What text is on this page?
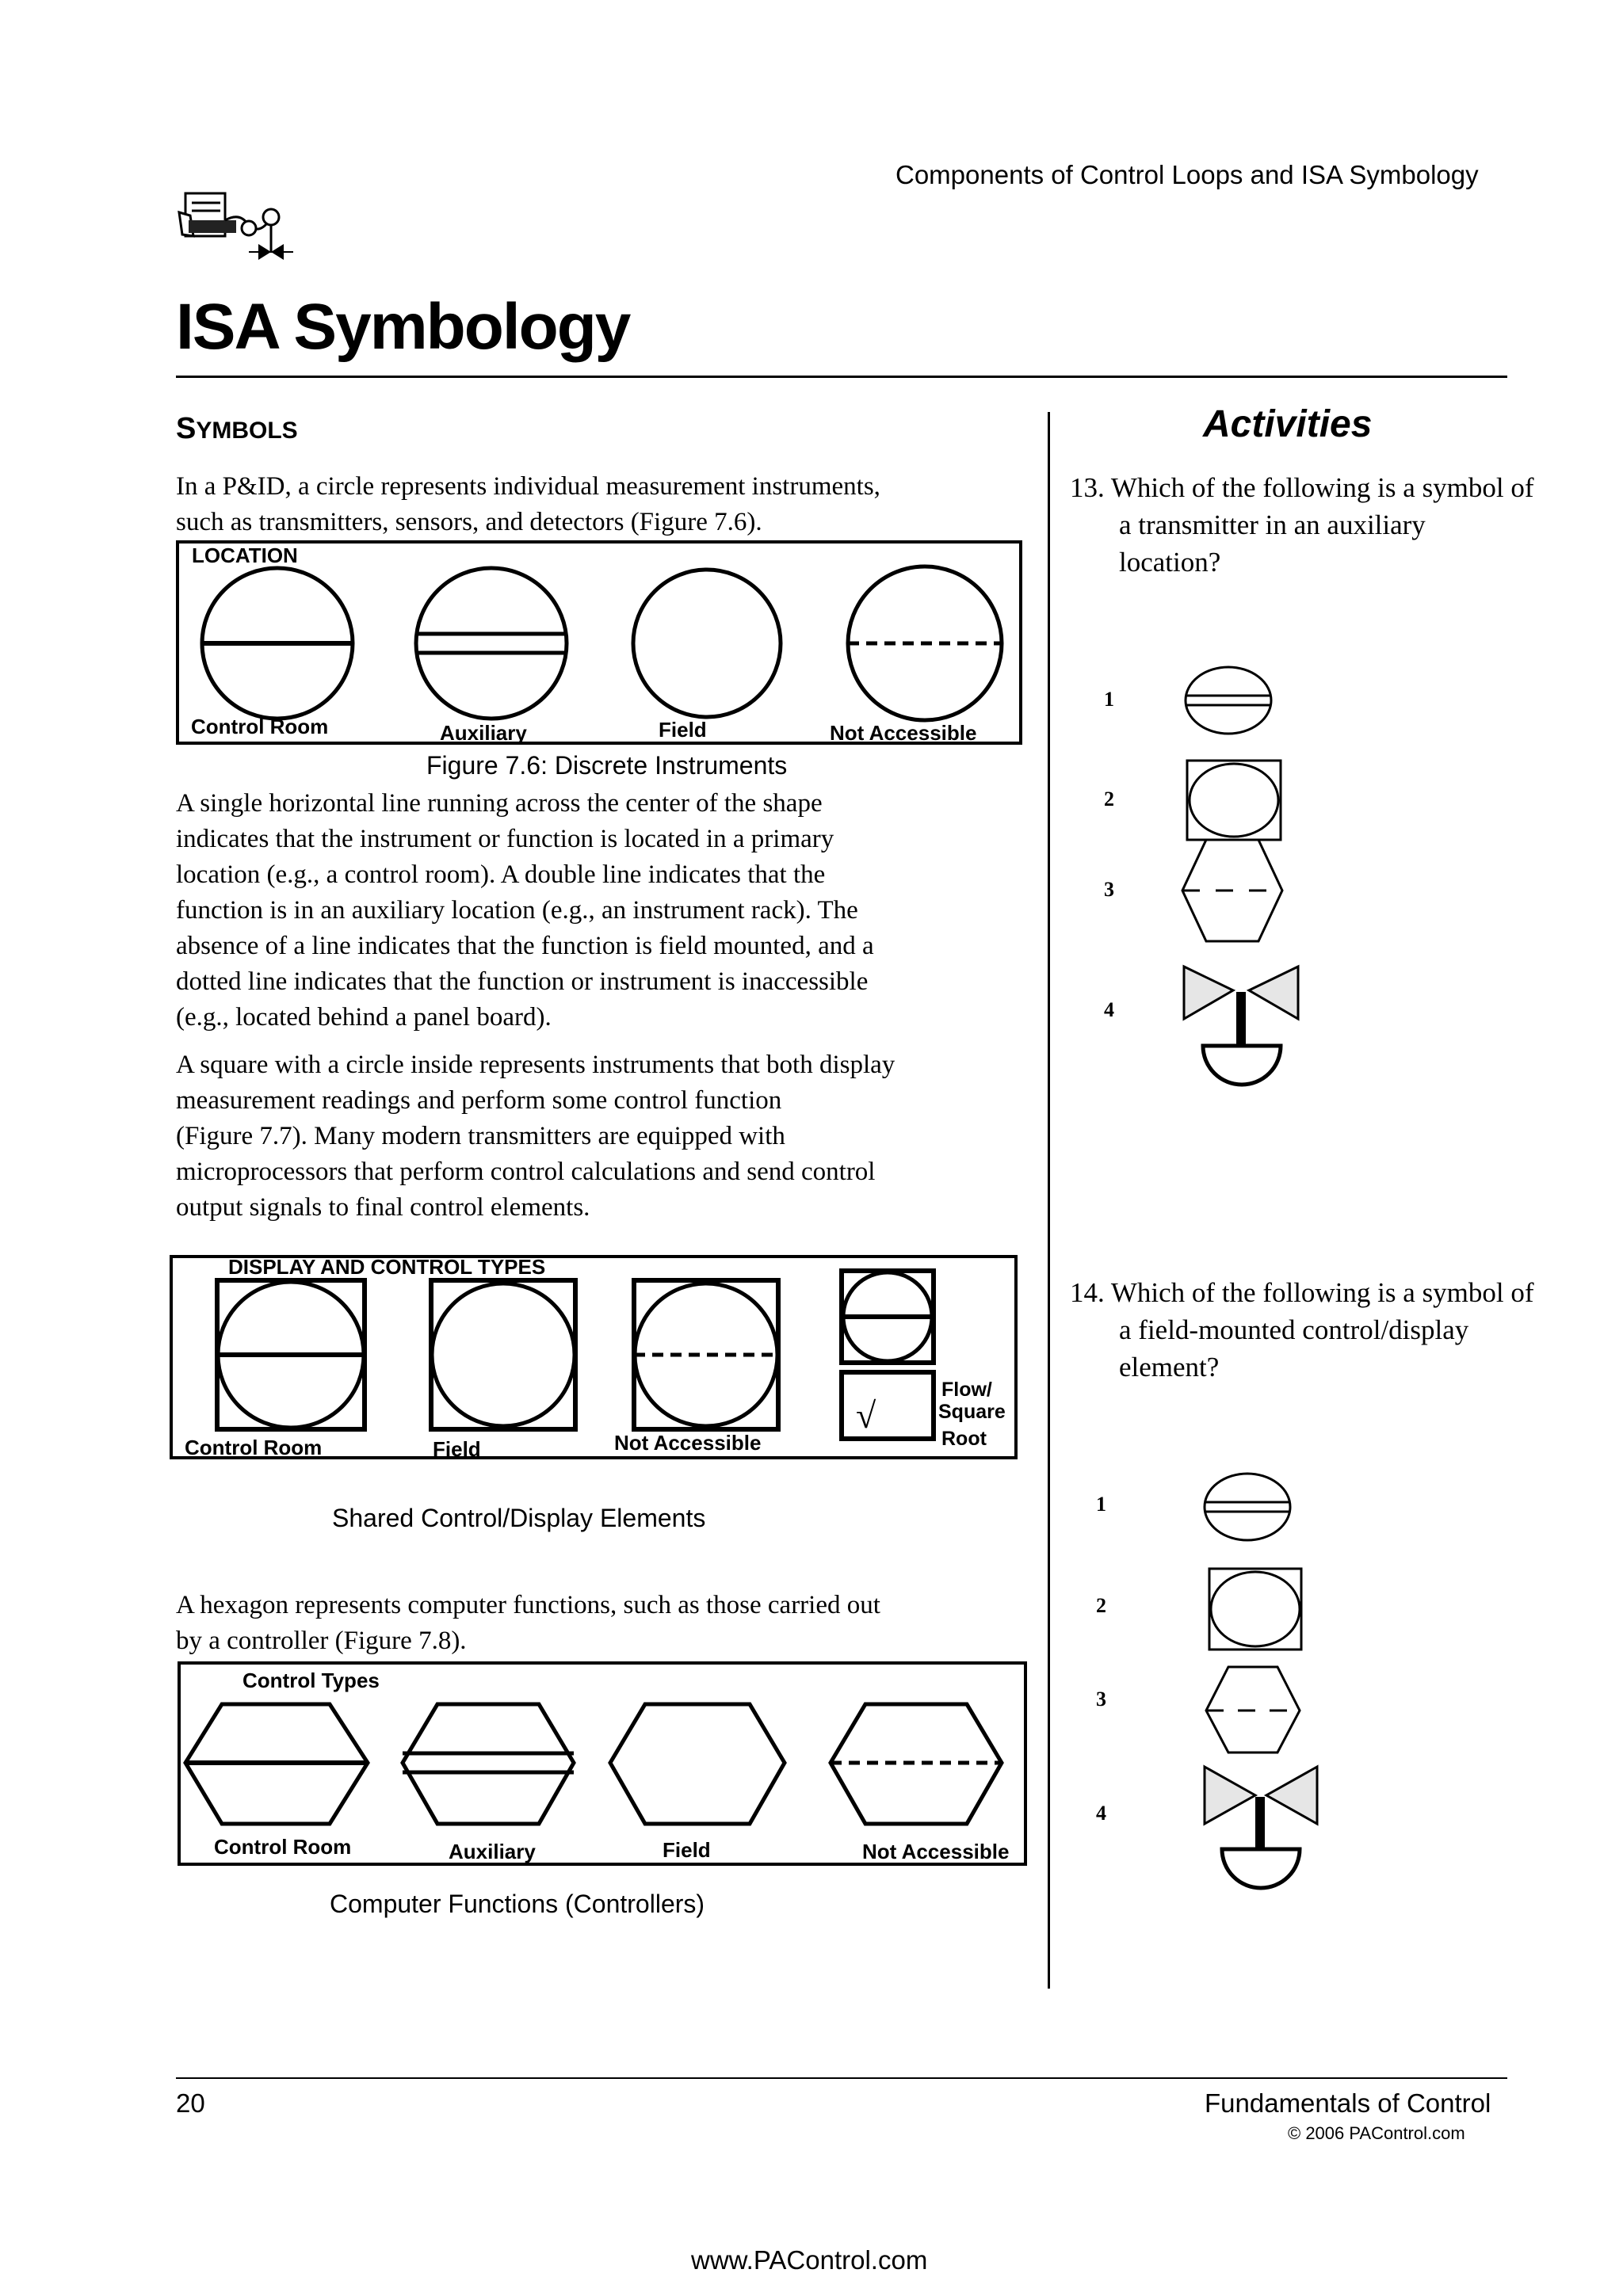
Components of Control Loops and ISA Symbology
ISA Symbology
SYMBOLS
In a P&ID, a circle represents individual measurement instruments,
such as transmitters, sensors, and detectors (Figure 7.6).
LOCATION
Control Room	Auxiliary	Field	Not Accessible
Figure 7.6: Discrete Instruments
A single horizontal line running across the center of the shape
indicates that the instrument or function is located in a primary
location (e.g., a control room). A double line indicates that the
function is in an auxiliary location (e.g., an instrument rack). The
absence of a line indicates that the function is field mounted, and a
dotted line indicates that the function or instrument is inaccessible
(e.g., located behind a panel board).
A square with a circle inside represents instruments that both display
measurement readings and perform some control function
(Figure 7.7). Many modern transmitters are equipped with
microprocessors that perform control calculations and send control
output signals to final control elements.
DISPLAY AND CONTROL TYPES
√
Flow/
Square
Root
Control Room	Field	Not Accessible
Shared Control/Display Elements
A hexagon represents computer functions, such as those carried out
by a controller (Figure 7.8).
Control Types
Control Room	Auxiliary	Field	Not Accessible
Computer Functions (Controllers)
Activities
13. Which of the following is a symbol of
a transmitter in an auxiliary
location?
1
2
3
4
14. Which of the following is a symbol of
a field-mounted control/display
element?
1
2
3
4
20	Fundamentals of Control
© 2006 PAControl.com
www.PAControl.com
